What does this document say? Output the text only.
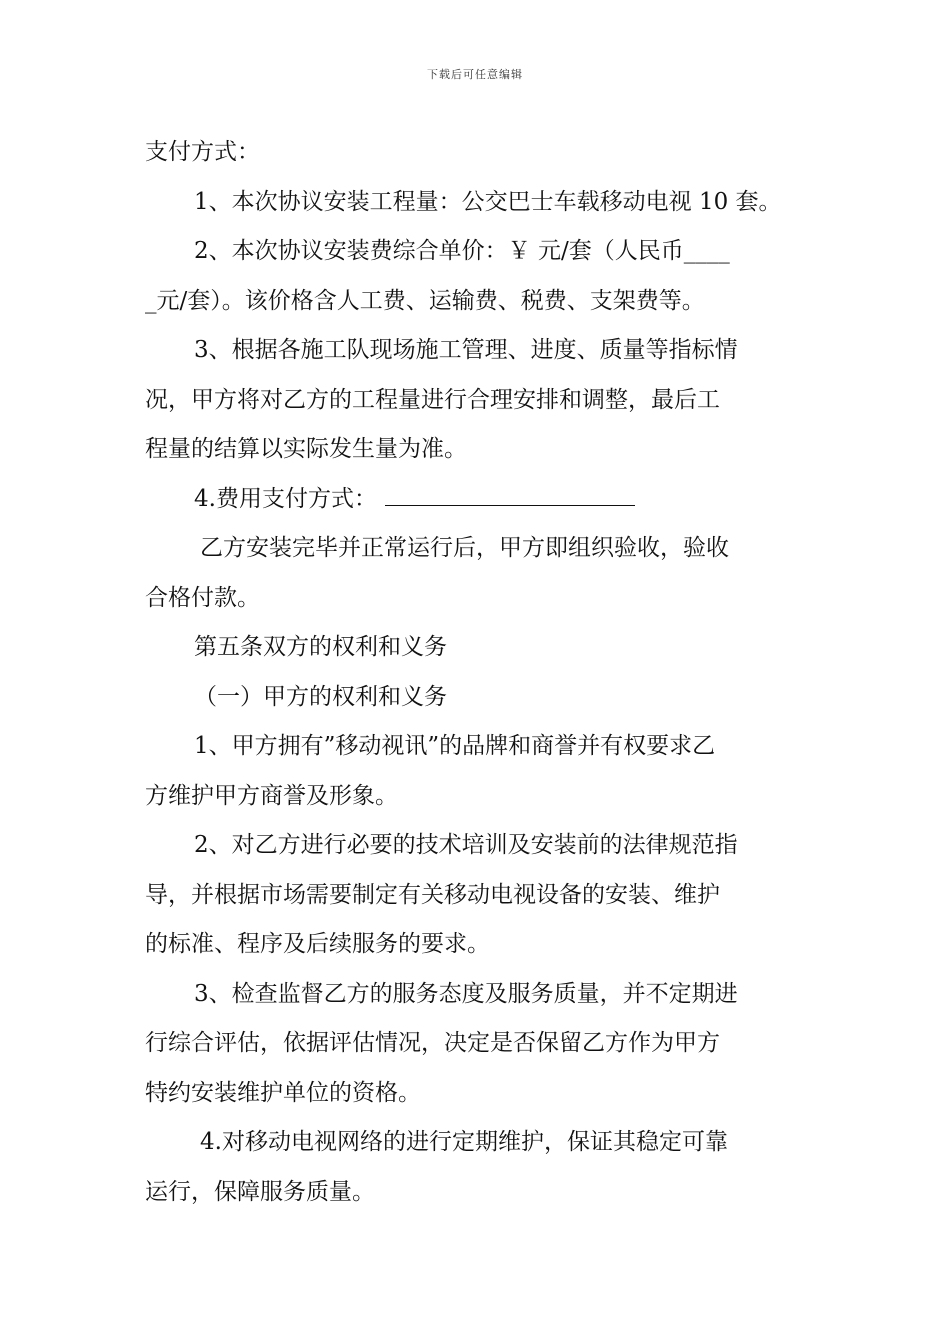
下载后可任意编辑
支付方式：
1、本次协议安装工程量：公交巴士车载移动电视 10 套。
2、本次协议安装费综合单价：￥ 元/套（人民币____
_元/套）。该价格含人工费、运输费、税费、支架费等。
3、根据各施工队现场施工管理、进度、质量等指标情
况，甲方将对乙方的工程量进行合理安排和调整，最后工
程量的结算以实际发生量为准。
4.费用支付方式：
乙方安装完毕并正常运行后，甲方即组织验收，验收
合格付款。
第五条双方的权利和义务
（一）甲方的权利和义务
1、甲方拥有”移动视讯”的品牌和商誉并有权要求乙
方维护甲方商誉及形象。
2、对乙方进行必要的技术培训及安装前的法律规范指
导，并根据市场需要制定有关移动电视设备的安装、维护
的标准、程序及后续服务的要求。
3、检查监督乙方的服务态度及服务质量，并不定期进
行综合评估，依据评估情况，决定是否保留乙方作为甲方
特约安装维护单位的资格。
4.对移动电视网络的进行定期维护，保证其稳定可靠
运行，保障服务质量。
